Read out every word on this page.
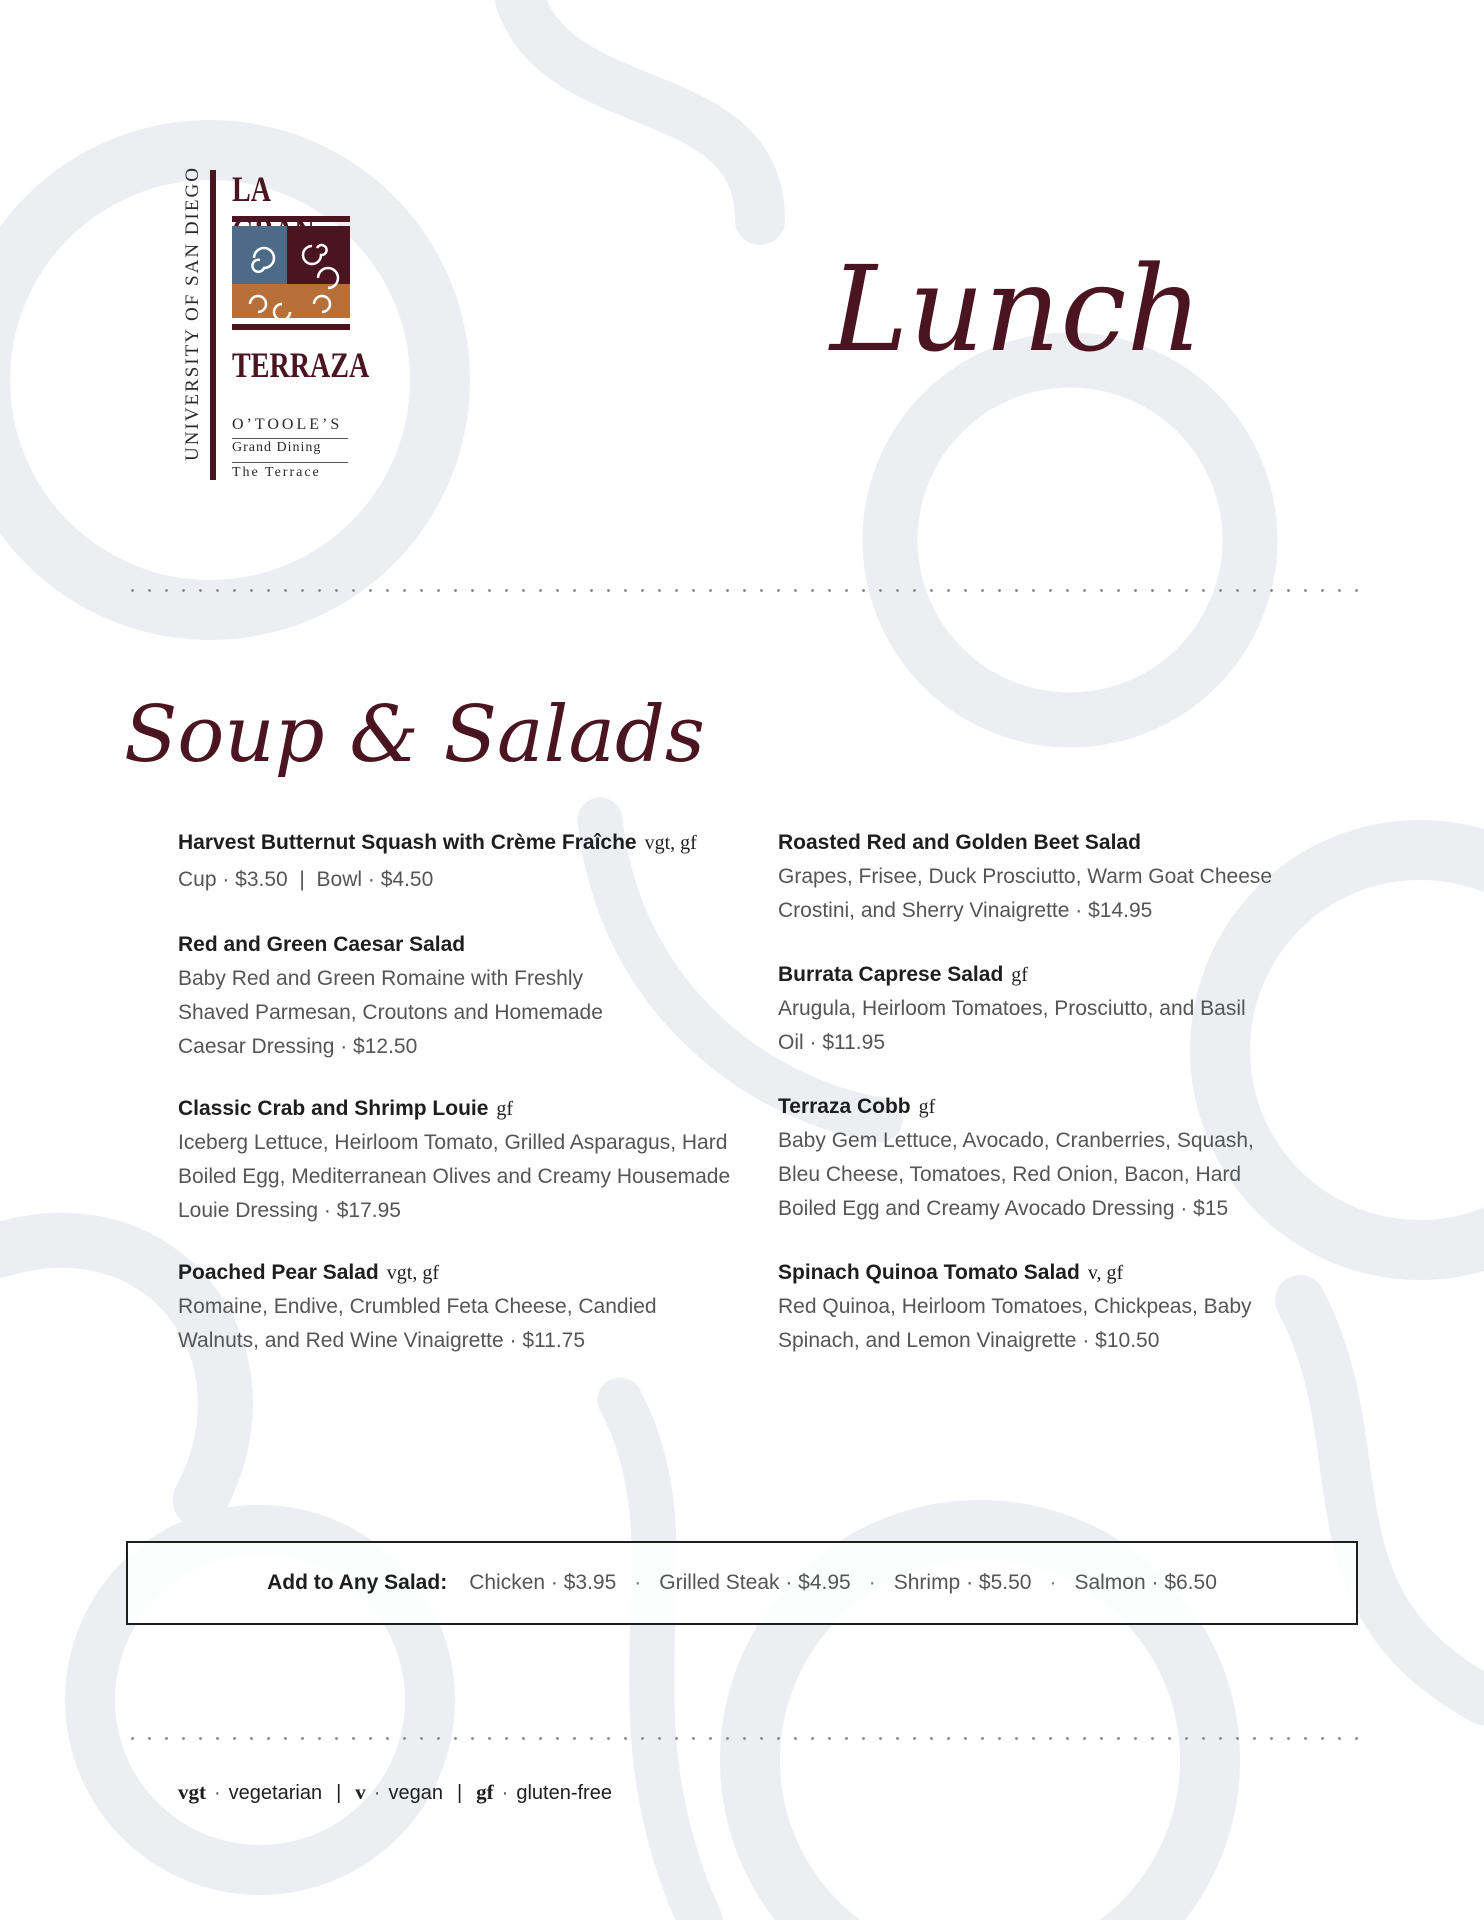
UNIVERSITY OF SAN DIEGO LA
TERRAZA
O’TOOLE’S
Grand Dining
The Terrace
Lunch
Soup & Salads
Harvest Butternut Squash with Crème Fraîche vgt, gf
Cup · $3.50  |  Bowl · $4.50
Red and Green Caesar Salad
Baby Red and Green Romaine with Freshly Shaved Parmesan, Croutons and Homemade Caesar Dressing · $12.50
Classic Crab and Shrimp Louie gf
Iceberg Lettuce, Heirloom Tomato, Grilled Asparagus, Hard Boiled Egg, Mediterranean Olives and Creamy Housemade Louie Dressing · $17.95
Poached Pear Salad vgt, gf
Romaine, Endive, Crumbled Feta Cheese, Candied Walnuts, and Red Wine Vinaigrette · $11.75
Roasted Red and Golden Beet Salad
Grapes, Frisee, Duck Prosciutto, Warm Goat Cheese Crostini, and Sherry Vinaigrette · $14.95
Burrata Caprese Salad gf
Arugula, Heirloom Tomatoes, Prosciutto, and Basil Oil · $11.95
Terraza Cobb gf
Baby Gem Lettuce, Avocado, Cranberries, Squash, Bleu Cheese, Tomatoes, Red Onion, Bacon, Hard Boiled Egg and Creamy Avocado Dressing · $15
Spinach Quinoa Tomato Salad v, gf
Red Quinoa, Heirloom Tomatoes, Chickpeas, Baby Spinach, and Lemon Vinaigrette · $10.50
Add to Any Salad: Chicken · $3.95 · Grilled Steak · $4.95 · Shrimp · $5.50 · Salmon · $6.50
vgt · vegetarian | v · vegan | gf · gluten-free
